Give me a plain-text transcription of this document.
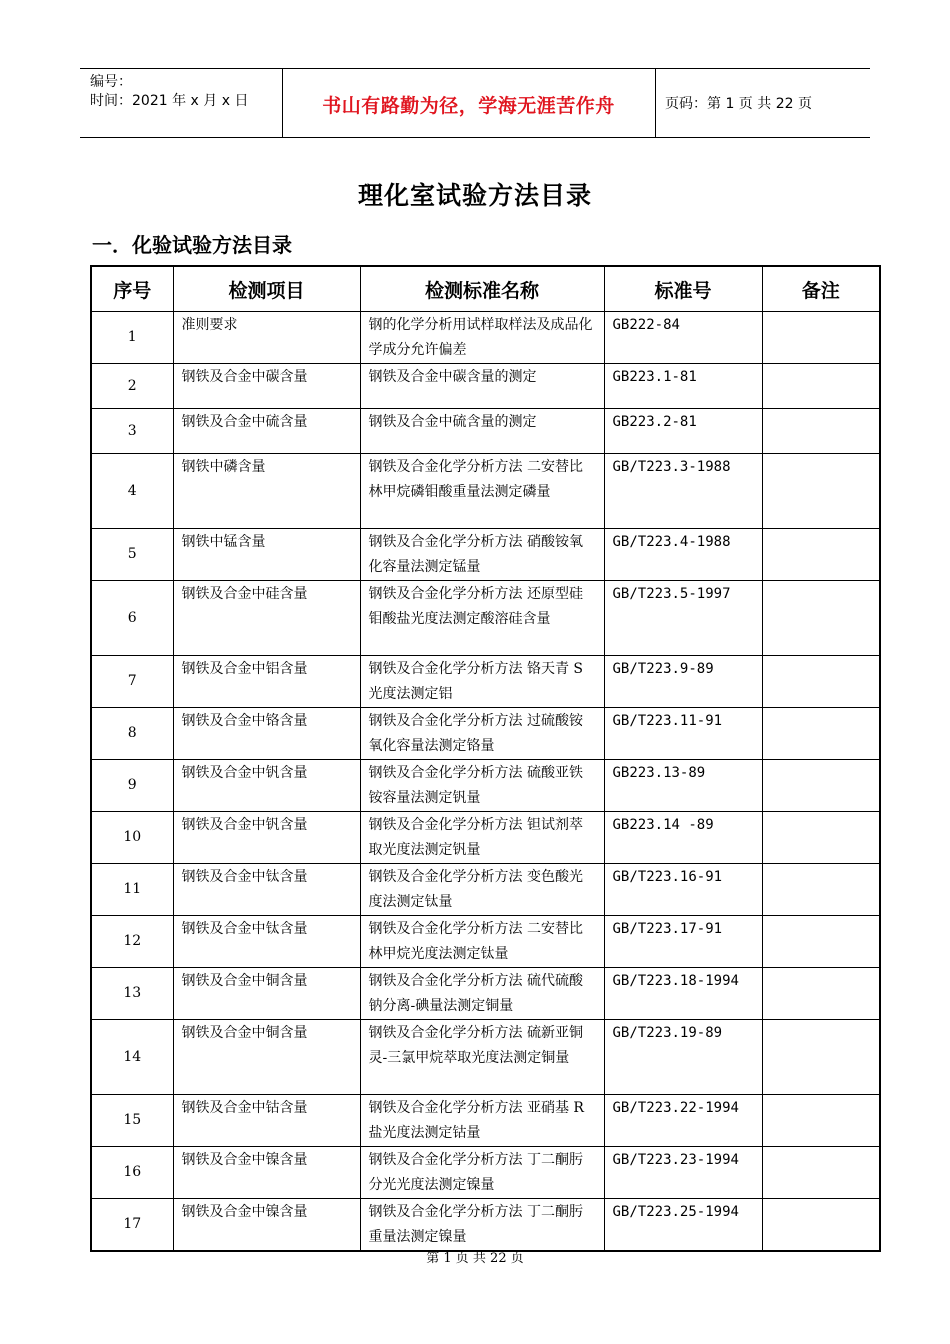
编号：
时间：2021 年 x 月 x 日	书山有路勤为径，学海无涯苦作舟	页码：第 1 页 共 22 页
理化室试验方法目录
一．化验试验方法目录
序号	检测项目	检测标准名称	标准号	备注
1	准则要求	钢的化学分析用试样取样法及成品化学成分允许偏差	GB222-84	
2	钢铁及合金中碳含量	钢铁及合金中碳含量的测定	GB223.1-81	
3	钢铁及合金中硫含量	钢铁及合金中硫含量的测定	GB223.2-81	
4	钢铁中磷含量	钢铁及合金化学分析方法 二安替比林甲烷磷钼酸重量法测定磷量	GB/T223.3-1988	
5	钢铁中锰含量	钢铁及合金化学分析方法 硝酸铵氧化容量法测定锰量	GB/T223.4-1988	
6	钢铁及合金中硅含量	钢铁及合金化学分析方法 还原型硅钼酸盐光度法测定酸溶硅含量	GB/T223.5-1997	
7	钢铁及合金中铝含量	钢铁及合金化学分析方法 铬天青 S 光度法测定铝	GB/T223.9-89	
8	钢铁及合金中铬含量	钢铁及合金化学分析方法 过硫酸铵氧化容量法测定铬量	GB/T223.11-91	
9	钢铁及合金中钒含量	钢铁及合金化学分析方法 硫酸亚铁铵容量法测定钒量	GB223.13-89	
10	钢铁及合金中钒含量	钢铁及合金化学分析方法 钽试剂萃取光度法测定钒量	GB223.14 -89	
11	钢铁及合金中钛含量	钢铁及合金化学分析方法 变色酸光度法测定钛量	GB/T223.16-91	
12	钢铁及合金中钛含量	钢铁及合金化学分析方法 二安替比林甲烷光度法测定钛量	GB/T223.17-91	
13	钢铁及合金中铜含量	钢铁及合金化学分析方法 硫代硫酸钠分离-碘量法测定铜量	GB/T223.18-1994	
14	钢铁及合金中铜含量	钢铁及合金化学分析方法 硫新亚铜灵-三氯甲烷萃取光度法测定铜量	GB/T223.19-89	
15	钢铁及合金中钴含量	钢铁及合金化学分析方法 亚硝基 R 盐光度法测定钴量	GB/T223.22-1994	
16	钢铁及合金中镍含量	钢铁及合金化学分析方法 丁二酮肟分光光度法测定镍量	GB/T223.23-1994	
17	钢铁及合金中镍含量	钢铁及合金化学分析方法 丁二酮肟重量法测定镍量	GB/T223.25-1994	
第 1 页 共 22 页
